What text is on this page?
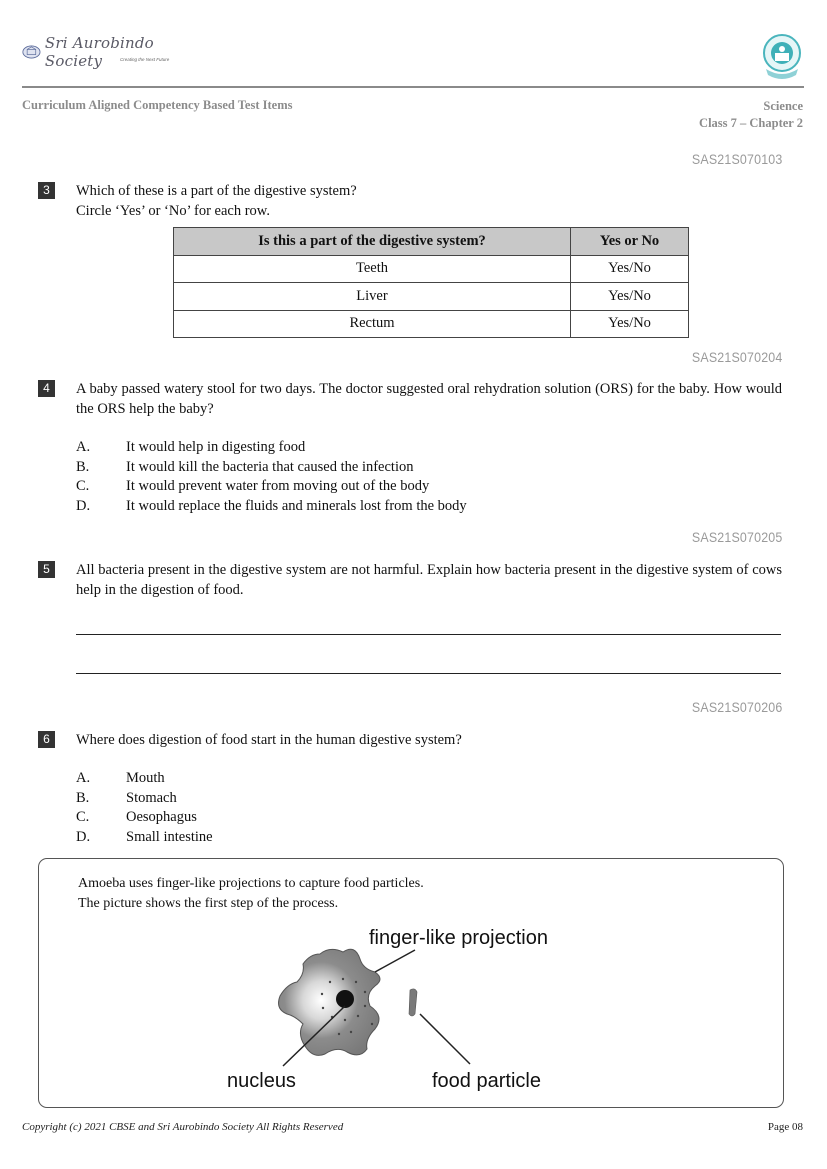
Sri Aurobindo Society	Creating the Next Future
Curriculum Aligned Competency Based Test Items	Science
Class 7 – Chapter 2
SAS21S070103
3	Which of these is a part of the digestive system?
Circle ‘Yes’ or ‘No’ for each row.
Is this a part of the digestive system?	Yes or No
Teeth	Yes/No
Liver	Yes/No
Rectum	Yes/No
SAS21S070204
4	A baby passed watery stool for two days. The doctor suggested oral rehydration solution (ORS) for the baby. How would the ORS help the baby?
A. It would help in digesting food
B.	It would kill the bacteria that caused the infection
C.	It would prevent water from moving out of the body
D. It would replace the fluids and minerals lost from the body
SAS21S070205
5	All bacteria present in the digestive system are not harmful. Explain how bacteria present in the digestive system of cows help in the digestion of food.
SAS21S070206
6	Where does digestion of food start in the human digestive system?
A. Mouth
B.	Stomach
C.	Oesophagus
D. Small intestine
Amoeba uses finger-like projections to capture food particles.
The picture shows the first step of the process.
finger-like projection
nucleus	food particle
Copyright (c) 2021 CBSE and Sri Aurobindo Society All Rights Reserved	Page 08
